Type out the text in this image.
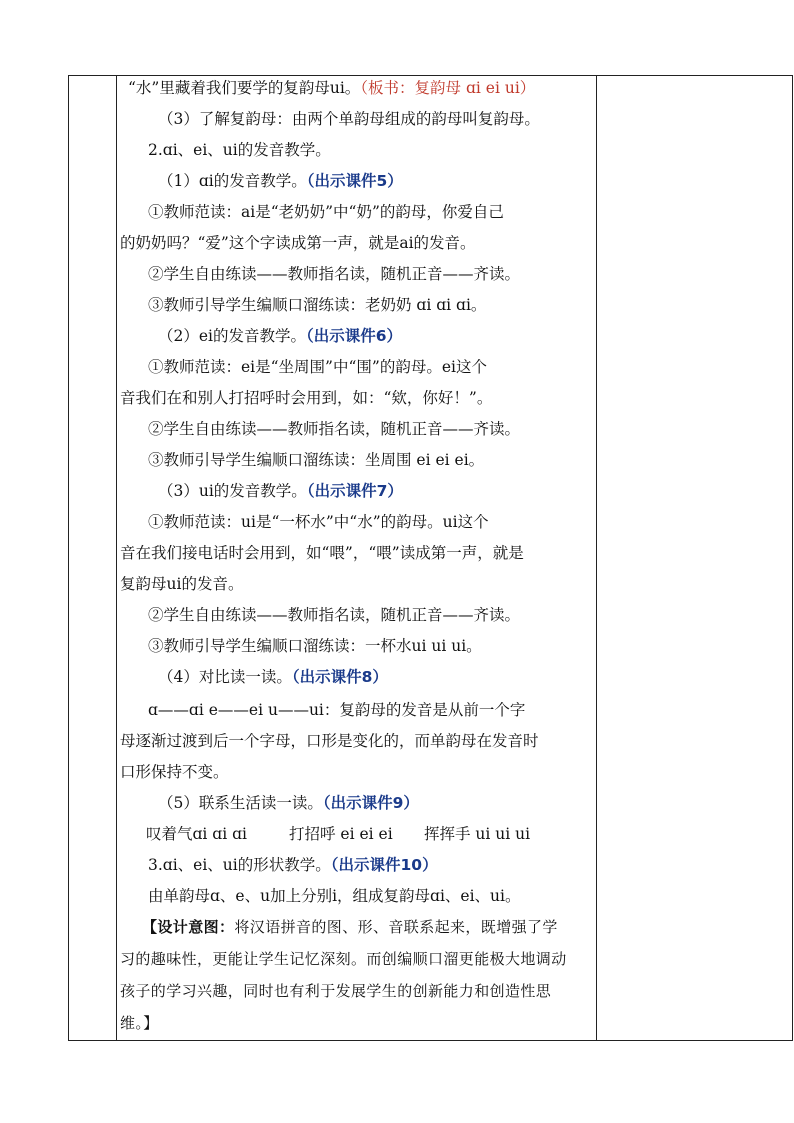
“水”里藏着我们要学的复韵母ui。（板书：复韵母 ɑi ei ui）
（3）了解复韵母：由两个单韵母组成的韵母叫复韵母。
2.ɑi、ei、ui的发音教学。
（1）ɑi的发音教学。（出示课件5）
①教师范读：ai是“老奶奶”中“奶”的韵母，你爱自己
的奶奶吗？“爱”这个字读成第一声，就是ai的发音。
②学生自由练读——教师指名读，随机正音——齐读。
③教师引导学生编顺口溜练读：老奶奶 ɑi ɑi ɑi。
（2）ei的发音教学。（出示课件6）
①教师范读：ei是“坐周围”中“围”的韵母。ei这个
音我们在和别人打招呼时会用到，如：“欸，你好！”。
②学生自由练读——教师指名读，随机正音——齐读。
③教师引导学生编顺口溜练读：坐周围 ei ei ei。
（3）ui的发音教学。（出示课件7）
①教师范读：ui是“一杯水”中“水”的韵母。ui这个
音在我们接电话时会用到，如“喂”，“喂”读成第一声，就是
复韵母ui的发音。
②学生自由练读——教师指名读，随机正音——齐读。
③教师引导学生编顺口溜练读：一杯水ui ui ui。
（4）对比读一读。（出示课件8）
ɑ——ɑi e——ei u——ui：复韵母的发音是从前一个字
母逐渐过渡到后一个字母，口形是变化的，而单韵母在发音时
口形保持不变。
（5）联系生活读一读。（出示课件9）
叹着气ɑi ɑi ɑi	打招呼 ei ei ei 挥挥手 ui ui ui
3.ɑi、ei、ui的形状教学。（出示课件10）
由单韵母ɑ、e、u加上分别i，组成复韵母ɑi、ei、ui。
【设计意图：将汉语拼音的图、形、音联系起来，既增强了学
习的趣味性，更能让学生记忆深刻。而创编顺口溜更能极大地调动
孩子的学习兴趣，同时也有利于发展学生的创新能力和创造性思
维。】
